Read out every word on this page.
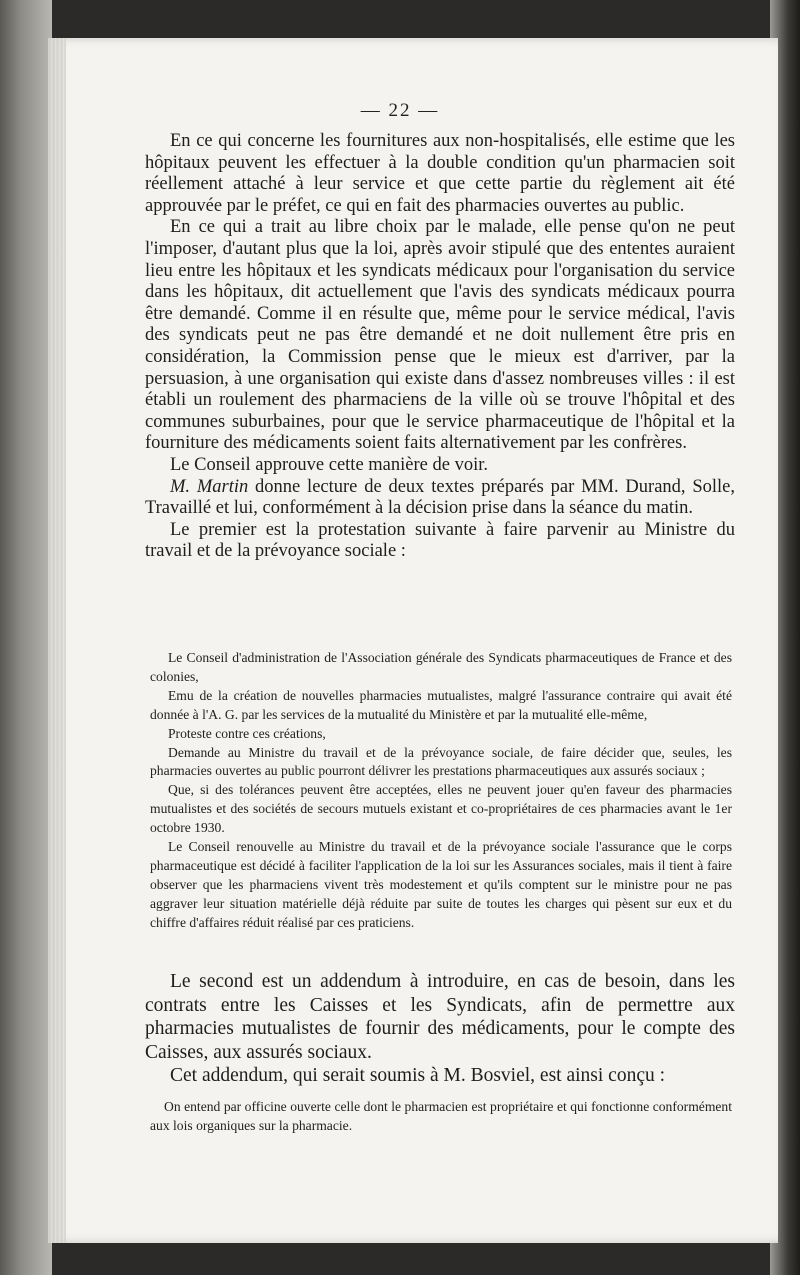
— 22 —

En ce qui concerne les fournitures aux non-hospitalisés, elle estime que les hôpitaux peuvent les effectuer à la double condition qu'un pharmacien soit réellement attaché à leur service et que cette partie du règlement ait été approuvée par le préfet, ce qui en fait des pharmacies ouvertes au public.

En ce qui a trait au libre choix par le malade, elle pense qu'on ne peut l'imposer, d'autant plus que la loi, après avoir stipulé que des ententes auraient lieu entre les hôpitaux et les syndicats médicaux pour l'organisation du service dans les hôpitaux, dit actuellement que l'avis des syndicats médicaux pourra être demandé. Comme il en résulte que, même pour le service médical, l'avis des syndicats peut ne pas être demandé et ne doit nullement être pris en considération, la Commission pense que le mieux est d'arriver, par la persuasion, à une organisation qui existe dans d'assez nombreuses villes : il est établi un roulement des pharmaciens de la ville où se trouve l'hôpital et des communes suburbaines, pour que le service pharmaceutique de l'hôpital et la fourniture des médicaments soient faits alternativement par les confrères.

Le Conseil approuve cette manière de voir.

M. Martin donne lecture de deux textes préparés par MM. Durand, Solle, Travaillé et lui, conformément à la décision prise dans la séance du matin.

Le premier est la protestation suivante à faire parvenir au Ministre du travail et de la prévoyance sociale :

Le Conseil d'administration de l'Association générale des Syndicats pharmaceutiques de France et des colonies,

Emu de la création de nouvelles pharmacies mutualistes, malgré l'assurance contraire qui avait été donnée à l'A. G. par les services de la mutualité du Ministère et par la mutualité elle-même,

Proteste contre ces créations,

Demande au Ministre du travail et de la prévoyance sociale, de faire décider que, seules, les pharmacies ouvertes au public pourront délivrer les prestations pharmaceutiques aux assurés sociaux ;

Que, si des tolérances peuvent être acceptées, elles ne peuvent jouer qu'en faveur des pharmacies mutualistes et des sociétés de secours mutuels existant et co-propriétaires de ces pharmacies avant le 1er octobre 1930.

Le Conseil renouvelle au Ministre du travail et de la prévoyance sociale l'assurance que le corps pharmaceutique est décidé à faciliter l'application de la loi sur les Assurances sociales, mais il tient à faire observer que les pharmaciens vivent très modestement et qu'ils comptent sur le ministre pour ne pas aggraver leur situation matérielle déjà réduite par suite de toutes les charges qui pèsent sur eux et du chiffre d'affaires réduit réalisé par ces praticiens.

Le second est un addendum à introduire, en cas de besoin, dans les contrats entre les Caisses et les Syndicats, afin de permettre aux pharmacies mutualistes de fournir des médicaments, pour le compte des Caisses, aux assurés sociaux.

Cet addendum, qui serait soumis à M. Bosviel, est ainsi conçu :

On entend par officine ouverte celle dont le pharmacien est propriétaire et qui fonctionne conformément aux lois organiques sur la pharmacie.
